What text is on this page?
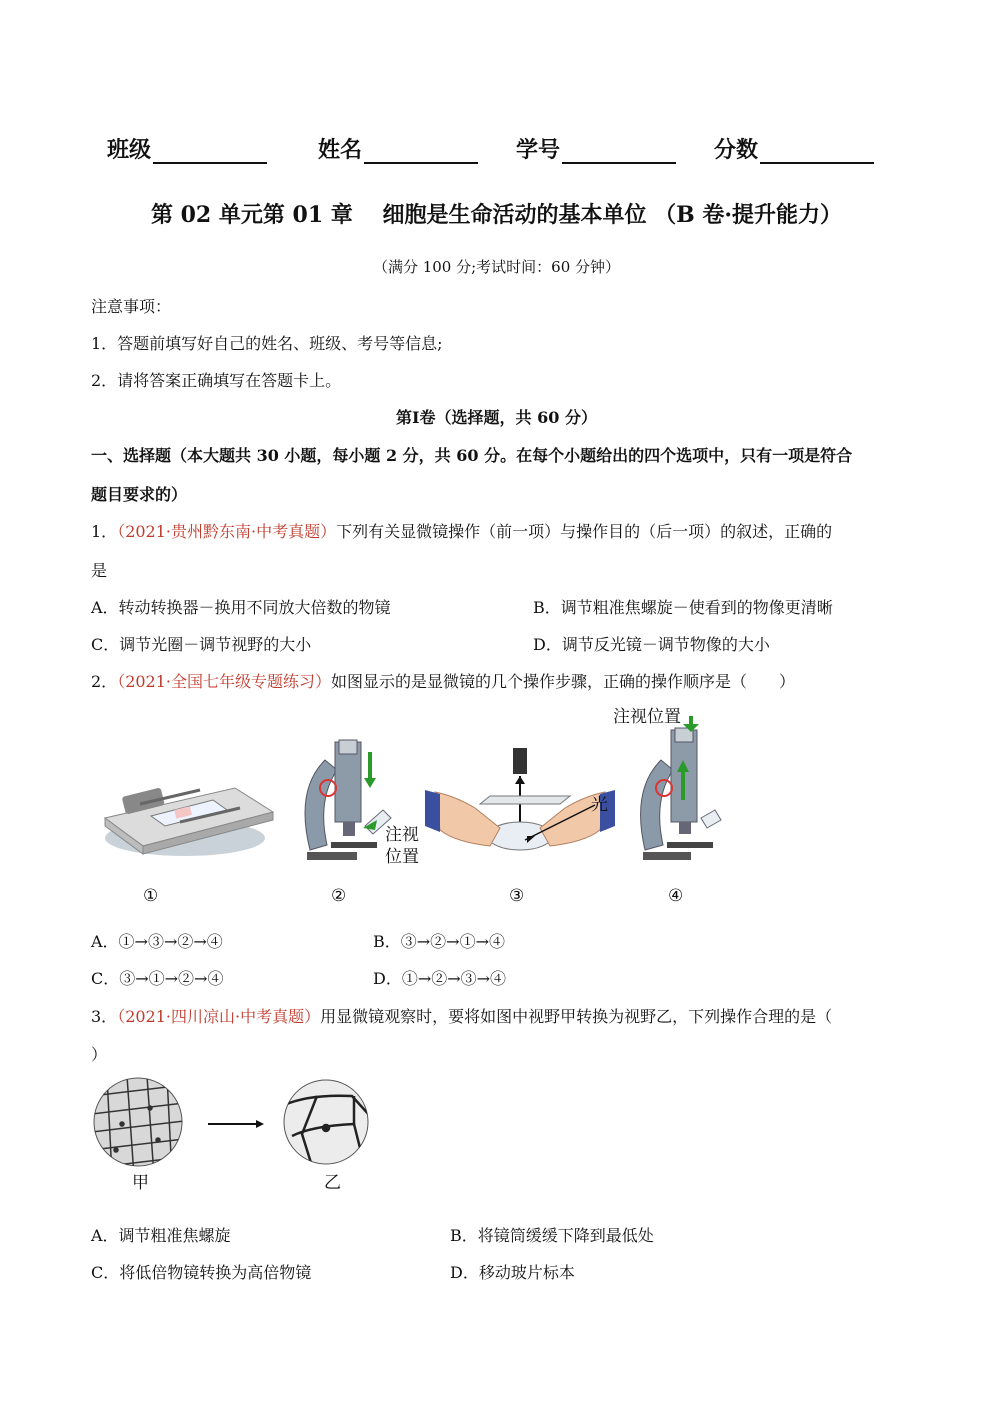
班级	姓名	学号	分数
第 02 单元第 01 章　 细胞是生命活动的基本单位 （B 卷·提升能力）
（满分 100 分;考试时间：60 分钟）
注意事项：
1．答题前填写好自己的姓名、班级、考号等信息;
2．请将答案正确填写在答题卡上。
第Ⅰ卷（选择题，共 60 分）
一、选择题（本大题共 30 小题，每小题 2 分，共 60 分。在每个小题给出的四个选项中，只有一项是符合
题目要求的）
1．（2021·贵州黔东南·中考真题）下列有关显微镜操作（前一项）与操作目的（后一项）的叙述，正确的
是
A．转动转换器－换用不同放大倍数的物镜	B．调节粗准焦螺旋－使看到的物像更清晰
C．调节光圈－调节视野的大小	D．调节反光镜－调节物像的大小
2．（2021·全国七年级专题练习）如图显示的是显微镜的几个操作步骤，正确的操作顺序是（　　）
注视
位置
光
注视位置
①	②	③	④
A．①→③→②→④	B．③→②→①→④
C．③→①→②→④	D．①→②→③→④
3．（2021·四川凉山·中考真题）用显微镜观察时，要将如图中视野甲转换为视野乙，下列操作合理的是（
）
甲	乙
A．调节粗准焦螺旋	B．将镜筒缓缓下降到最低处
C．将低倍物镜转换为高倍物镜	D．移动玻片标本
